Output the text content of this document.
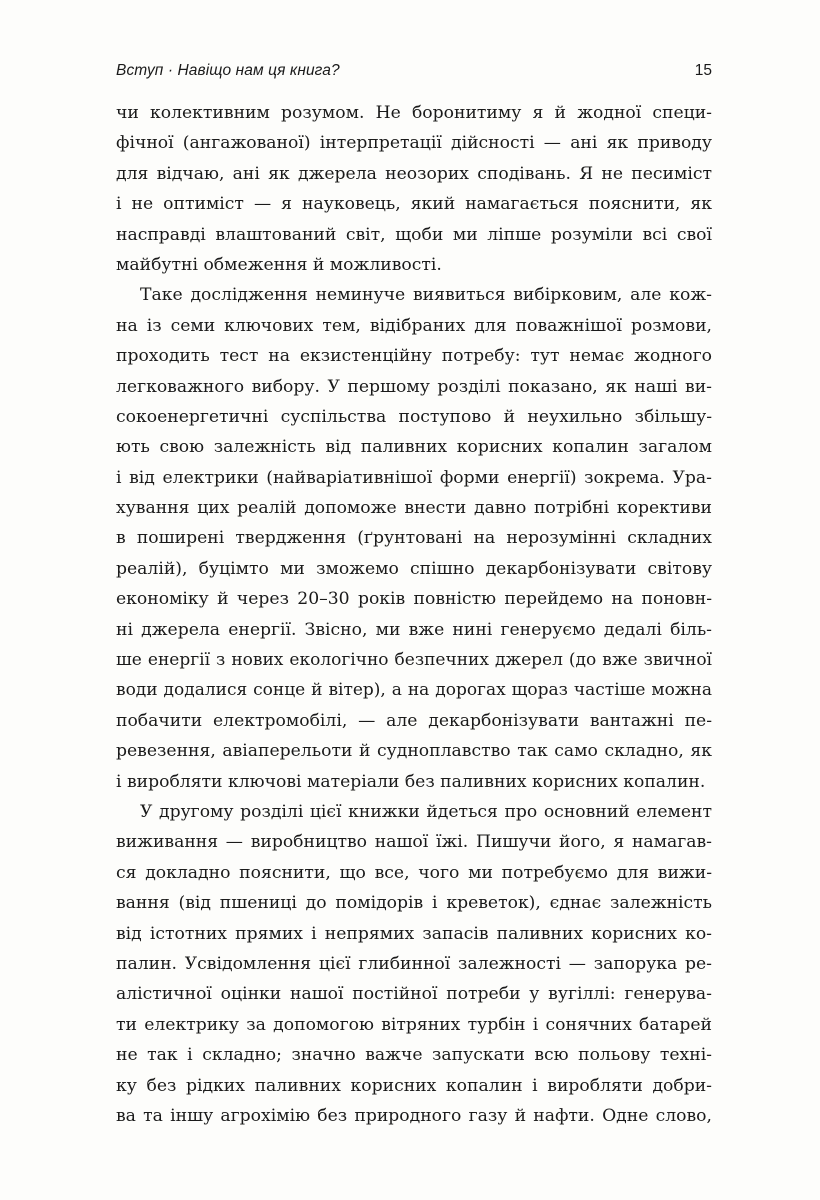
Вступ · Навіщо нам ця книга?	15
чи колективним розумом. Не боронитиму я й жодної специ-
фічної (ангажованої) інтерпретації дійсності — ані як приводу
для відчаю, ані як джерела неозорих сподівань. Я не песиміст
і не оптиміст — я науковець, який намагається пояснити, як
насправді влаштований світ, щоби ми ліпше розуміли всі свої
майбутні обмеження й можливості.
Таке дослідження неминуче виявиться вибірковим, але кож-
на із семи ключових тем, відібраних для поважнішої розмови,
проходить тест на екзистенційну потребу: тут немає жодного
легковажного вибору. У першому розділі показано, як наші ви-
сокоенергетичні суспільства поступово й неухильно збільшу-
ють свою залежність від паливних корисних копалин загалом
і від електрики (найваріативнішої форми енергії) зокрема. Ура-
хування цих реалій допоможе внести давно потрібні корективи
в поширені твердження (ґрунтовані на нерозумінні складних
реалій), буцімто ми зможемо спішно декарбонізувати світову
економіку й через 20–30 років повністю перейдемо на поновн-
ні джерела енергії. Звісно, ми вже нині генеруємо дедалі біль-
ше енергії з нових екологічно безпечних джерел (до вже звичної
води додалися сонце й вітер), а на дорогах щораз частіше можна
побачити електромобілі, — але декарбонізувати вантажні пе-
ревезення, авіаперельоти й судноплавство так само складно, як
і виробляти ключові матеріали без паливних корисних копалин.
У другому розділі цієї книжки йдеться про основний елемент
виживання — виробництво нашої їжі. Пишучи його, я намагав-
ся докладно пояснити, що все, чого ми потребуємо для вижи-
вання (від пшениці до помідорів і креветок), єднає залежність
від істотних прямих і непрямих запасів паливних корисних ко-
палин. Усвідомлення цієї глибинної залежності — запорука ре-
алістичної оцінки нашої постійної потреби у вугіллі: генерува-
ти електрику за допомогою вітряних турбін і сонячних батарей
не так і складно; значно важче запускати всю польову техні-
ку без рідких паливних корисних копалин і виробляти добри-
ва та іншу агрохімію без природного газу й нафти. Одне слово,
